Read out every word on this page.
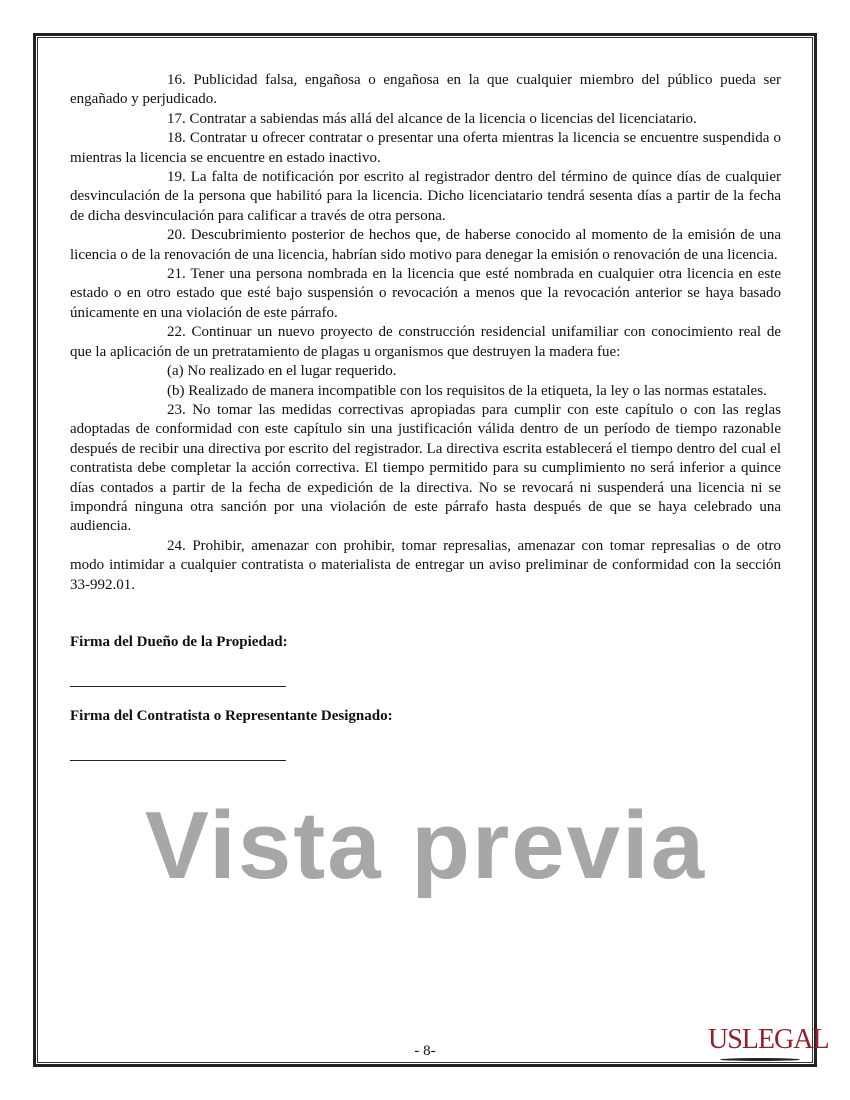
16. Publicidad falsa, engañosa o engañosa en la que cualquier miembro del público pueda ser engañado y perjudicado.

17. Contratar a sabiendas más allá del alcance de la licencia o licencias del licenciatario.

18. Contratar u ofrecer contratar o presentar una oferta mientras la licencia se encuentre suspendida o mientras la licencia se encuentre en estado inactivo.

19. La falta de notificación por escrito al registrador dentro del término de quince días de cualquier desvinculación de la persona que habilitó para la licencia. Dicho licenciatario tendrá sesenta días a partir de la fecha de dicha desvinculación para calificar a través de otra persona.

20. Descubrimiento posterior de hechos que, de haberse conocido al momento de la emisión de una licencia o de la renovación de una licencia, habrían sido motivo para denegar la emisión o renovación de una licencia.

21. Tener una persona nombrada en la licencia que esté nombrada en cualquier otra licencia en este estado o en otro estado que esté bajo suspensión o revocación a menos que la revocación anterior se haya basado únicamente en una violación de este párrafo.

22. Continuar un nuevo proyecto de construcción residencial unifamiliar con conocimiento real de que la aplicación de un pretratamiento de plagas u organismos que destruyen la madera fue:

(a) No realizado en el lugar requerido.

(b) Realizado de manera incompatible con los requisitos de la etiqueta, la ley o las normas estatales.

23. No tomar las medidas correctivas apropiadas para cumplir con este capítulo o con las reglas adoptadas de conformidad con este capítulo sin una justificación válida dentro de un período de tiempo razonable después de recibir una directiva por escrito del registrador. La directiva escrita establecerá el tiempo dentro del cual el contratista debe completar la acción correctiva. El tiempo permitido para su cumplimiento no será inferior a quince días contados a partir de la fecha de expedición de la directiva. No se revocará ni suspenderá una licencia ni se impondrá ninguna otra sanción por una violación de este párrafo hasta después de que se haya celebrado una audiencia.

24. Prohibir, amenazar con prohibir, tomar represalias, amenazar con tomar represalias o de otro modo intimidar a cualquier contratista o materialista de entregar un aviso preliminar de conformidad con la sección 33-992.01.

Firma del Dueño de la Propiedad:
Firma del Contratista o Representante Designado:
Vista previa
- 8-	USLEGAL
